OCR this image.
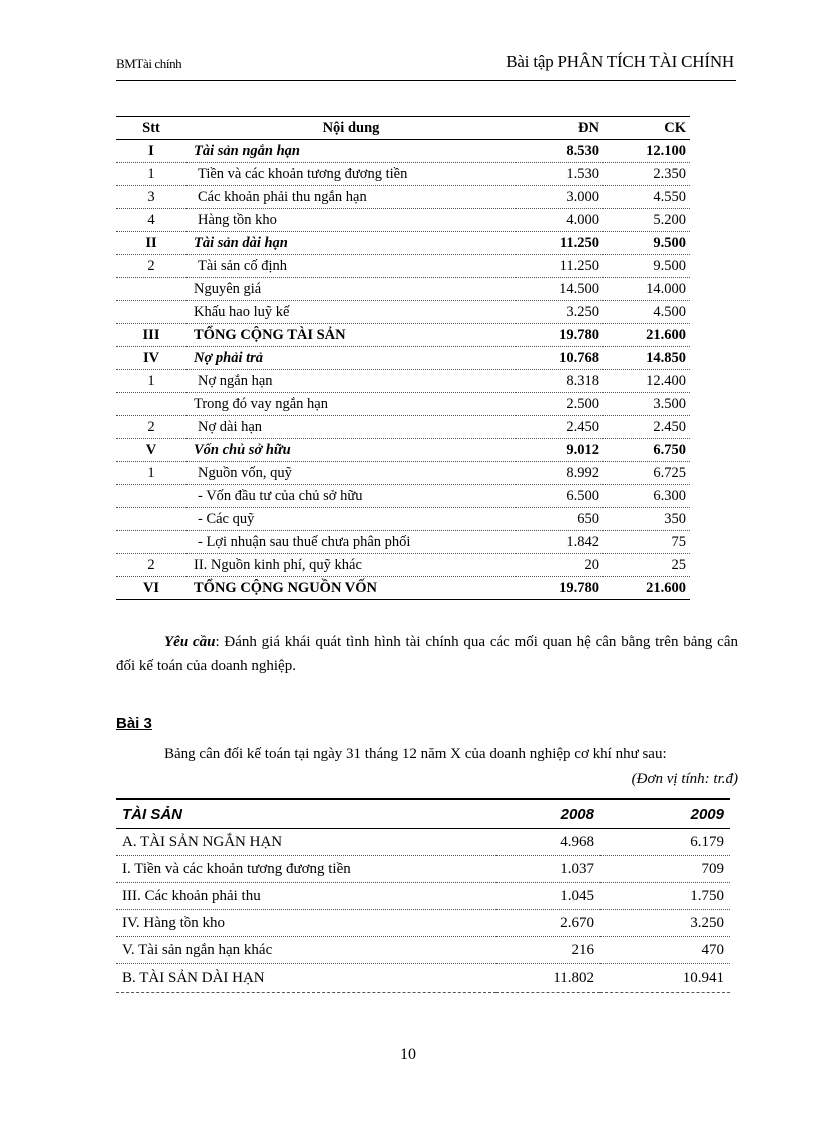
BMTài chính	Bài tập PHÂN TÍCH TÀI CHÍNH
Stt	Nội dung	ĐN	CK
I	Tài sản ngắn hạn	8.530	12.100
1	Tiền và các khoản tương đương tiền	1.530	2.350
3	Các khoản phải thu ngắn hạn	3.000	4.550
4	Hàng tồn kho	4.000	5.200
II	Tài sản dài hạn	11.250	9.500
2	Tài sản cố định	11.250	9.500
	Nguyên giá	14.500	14.000
	Khấu hao luỹ kế	3.250	4.500
III	TỔNG CỘNG TÀI SẢN	19.780	21.600
IV	Nợ phải trả	10.768	14.850
1	Nợ ngắn hạn	8.318	12.400
	Trong đó vay ngắn hạn	2.500	3.500
2	Nợ dài hạn	2.450	2.450
V	Vốn chủ sở hữu	9.012	6.750
1	Nguồn vốn, quỹ	8.992	6.725
	- Vốn đầu tư của chủ sở hữu	6.500	6.300
	- Các quỹ	650	350
	- Lợi nhuận sau thuế chưa phân phối	1.842	75
2	II. Nguồn kinh phí, quỹ khác	20	25
VI	TỔNG CỘNG NGUỒN VỐN	19.780	21.600
Yêu cầu: Đánh giá khái quát tình hình tài chính qua các mối quan hệ cân bằng trên bảng cân đối kế toán của doanh nghiệp.
Bài 3
Bảng cân đối kế toán tại ngày 31 tháng 12 năm X của doanh nghiệp cơ khí như sau:
(Đơn vị tính: tr.đ)
TÀI SẢN	2008	2009
A. TÀI SẢN NGẮN HẠN	4.968	6.179
I. Tiền và các khoản tương đương tiền	1.037	709
III. Các khoản phải thu	1.045	1.750
IV. Hàng tồn kho	2.670	3.250
V. Tài sản ngắn hạn khác	216	470
B. TÀI SẢN DÀI HẠN	11.802	10.941
10
